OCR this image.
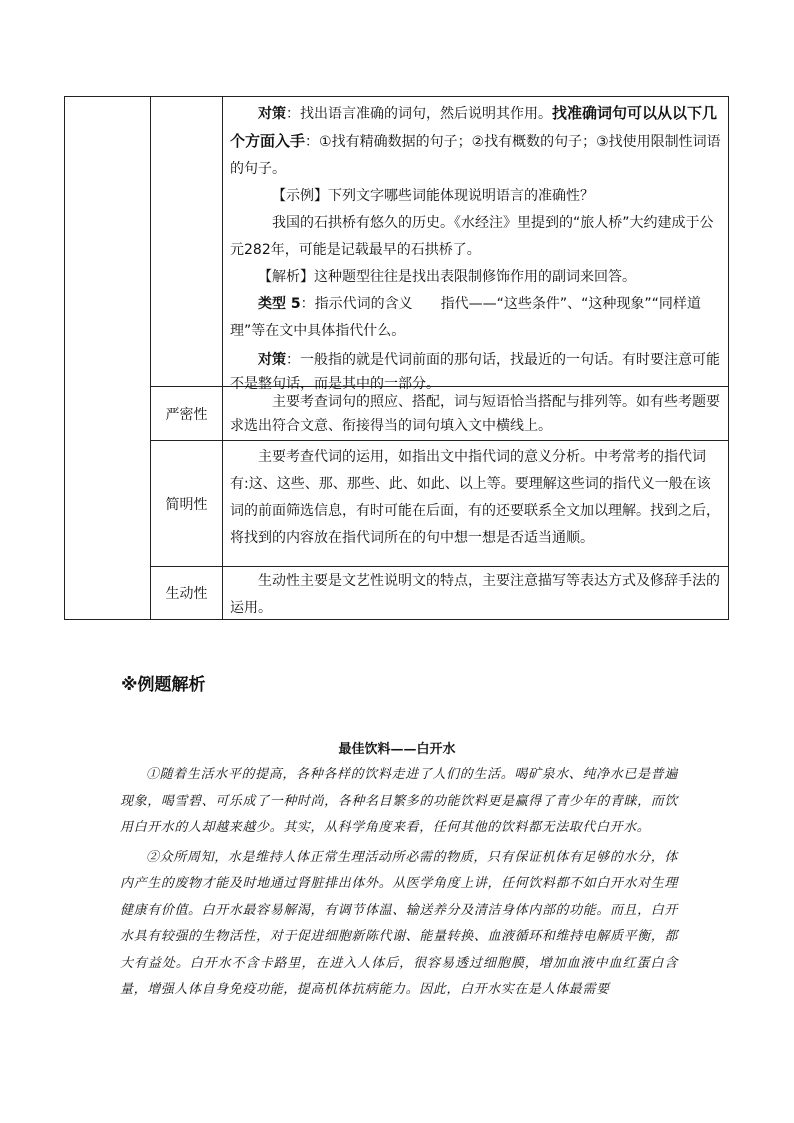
对策：找出语言准确的词句，然后说明其作用。找准确词句可以从以下几个方面入手：①找有精确数据的句子；②找有概数的句子；③找使用限制性词语的句子。
【示例】下列文字哪些词能体现说明语言的准确性？
我国的石拱桥有悠久的历史。《水经注》里提到的“旅人桥”大约建成于公元282年，可能是记载最早的石拱桥了。
【解析】这种题型往往是找出表限制修饰作用的副词来回答。
类型 5：指示代词的含义　　指代——“这些条件”、“这种现象”“同样道理”等在文中具体指代什么。
对策：一般指的就是代词前面的那句话，找最近的一句话。有时要注意可能不是整句话，而是其中的一部分。
严密性
主要考查词句的照应、搭配，词与短语恰当搭配与排列等。如有些考题要求选出符合文意、衔接得当的词句填入文中横线上。
简明性
主要考查代词的运用，如指出文中指代词的意义分析。中考常考的指代词有:这、这些、那、那些、此、如此、以上等。要理解这些词的指代义一般在该词的前面筛选信息，有时可能在后面，有的还要联系全文加以理解。找到之后，将找到的内容放在指代词所在的句中想一想是否适当通顺。
生动性
生动性主要是文艺性说明文的特点，主要注意描写等表达方式及修辞手法的运用。
※例题解析
最佳饮料——白开水

①随着生活水平的提高，各种各样的饮料走进了人们的生活。喝矿泉水、纯净水已是普遍现象，喝雪碧、可乐成了一种时尚，各种名目繁多的功能饮料更是赢得了青少年的青睐，而饮用白开水的人却越来越少。其实，从科学角度来看，任何其他的饮料都无法取代白开水。

②众所周知，水是维持人体正常生理活动所必需的物质，只有保证机体有足够的水分，体内产生的废物才能及时地通过肾脏排出体外。从医学角度上讲，任何饮料都不如白开水对生理健康有价值。白开水最容易解渴，有调节体温、输送养分及清洁身体内部的功能。而且，白开水具有较强的生物活性，对于促进细胞新陈代谢、能量转换、血液循环和维持电解质平衡，都大有益处。白开水不含卡路里，在进入人体后，很容易透过细胞膜，增加血液中血红蛋白含量，增强人体自身免疫功能，提高机体抗病能力。因此，白开水实在是人体最需要
